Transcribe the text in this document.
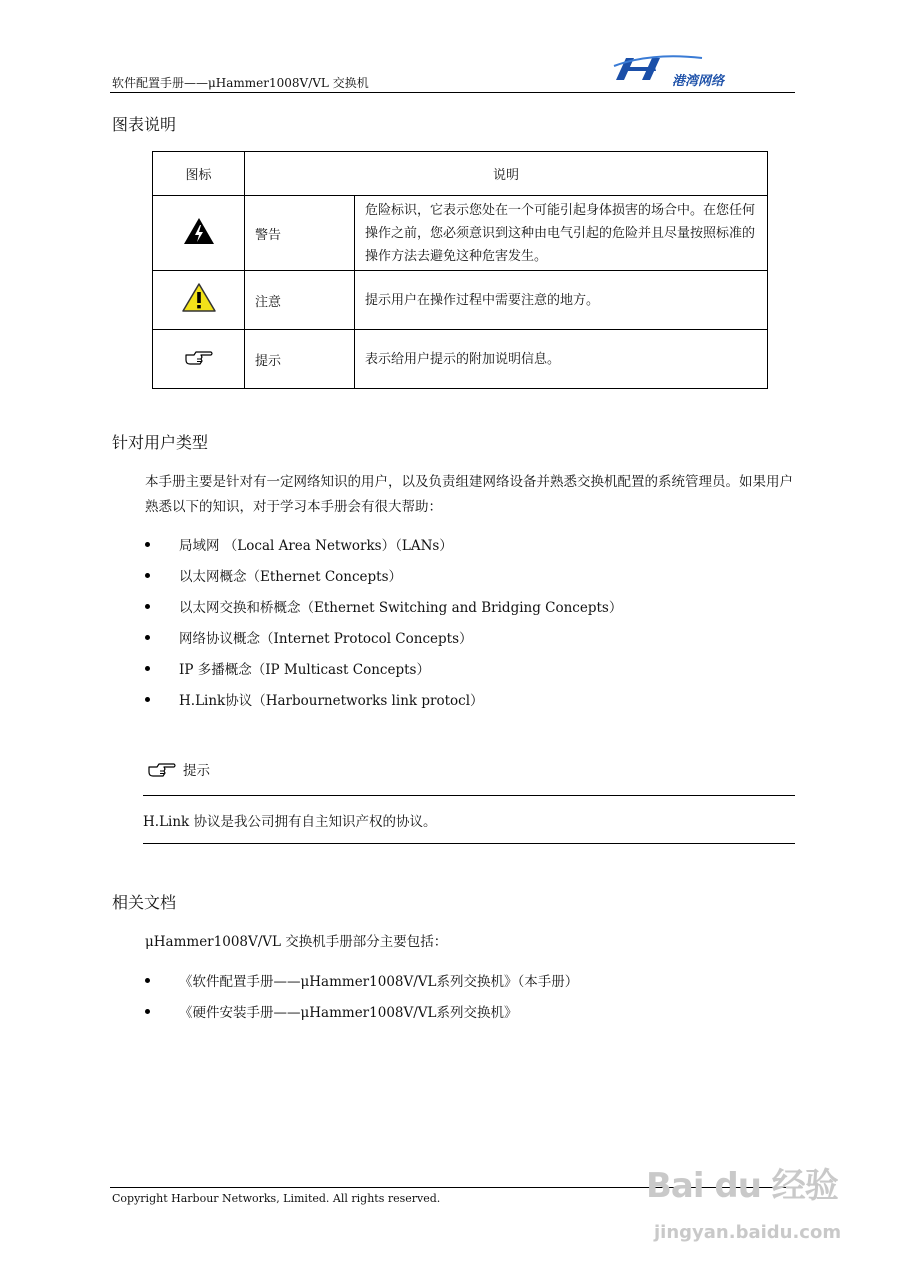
软件配置手册——μHammer1008V/VL 交换机	港湾网络
图表说明
图标	说明	
	警告	危险标识，它表示您处在一个可能引起身体损害的场合中。在您任何操作之前，您必须意识到这种由电气引起的危险并且尽量按照标准的操作方法去避免这种危害发生。
	注意	提示用户在操作过程中需要注意的地方。
	提示	表示给用户提示的附加说明信息。
针对用户类型
本手册主要是针对有一定网络知识的用户，以及负责组建网络设备并熟悉交换机配置的系统管理员。如果用户熟悉以下的知识，对于学习本手册会有很大帮助：
局域网 （Local Area Networks）（LANs）
以太网概念（Ethernet Concepts）
以太网交换和桥概念（Ethernet Switching and Bridging Concepts）
网络协议概念（Internet Protocol Concepts）
IP 多播概念（IP Multicast Concepts）
H.Link协议（Harbournetworks link protocl）
提示
H.Link 协议是我公司拥有自主知识产权的协议。
相关文档
μHammer1008V/VL 交换机手册部分主要包括：
《软件配置手册——μHammer1008V/VL系列交换机》（本手册）
《硬件安装手册——μHammer1008V/VL系列交换机》
Copyright Harbour Networks, Limited. All rights reserved.	Bai du 经验
jingyan.baidu.com
